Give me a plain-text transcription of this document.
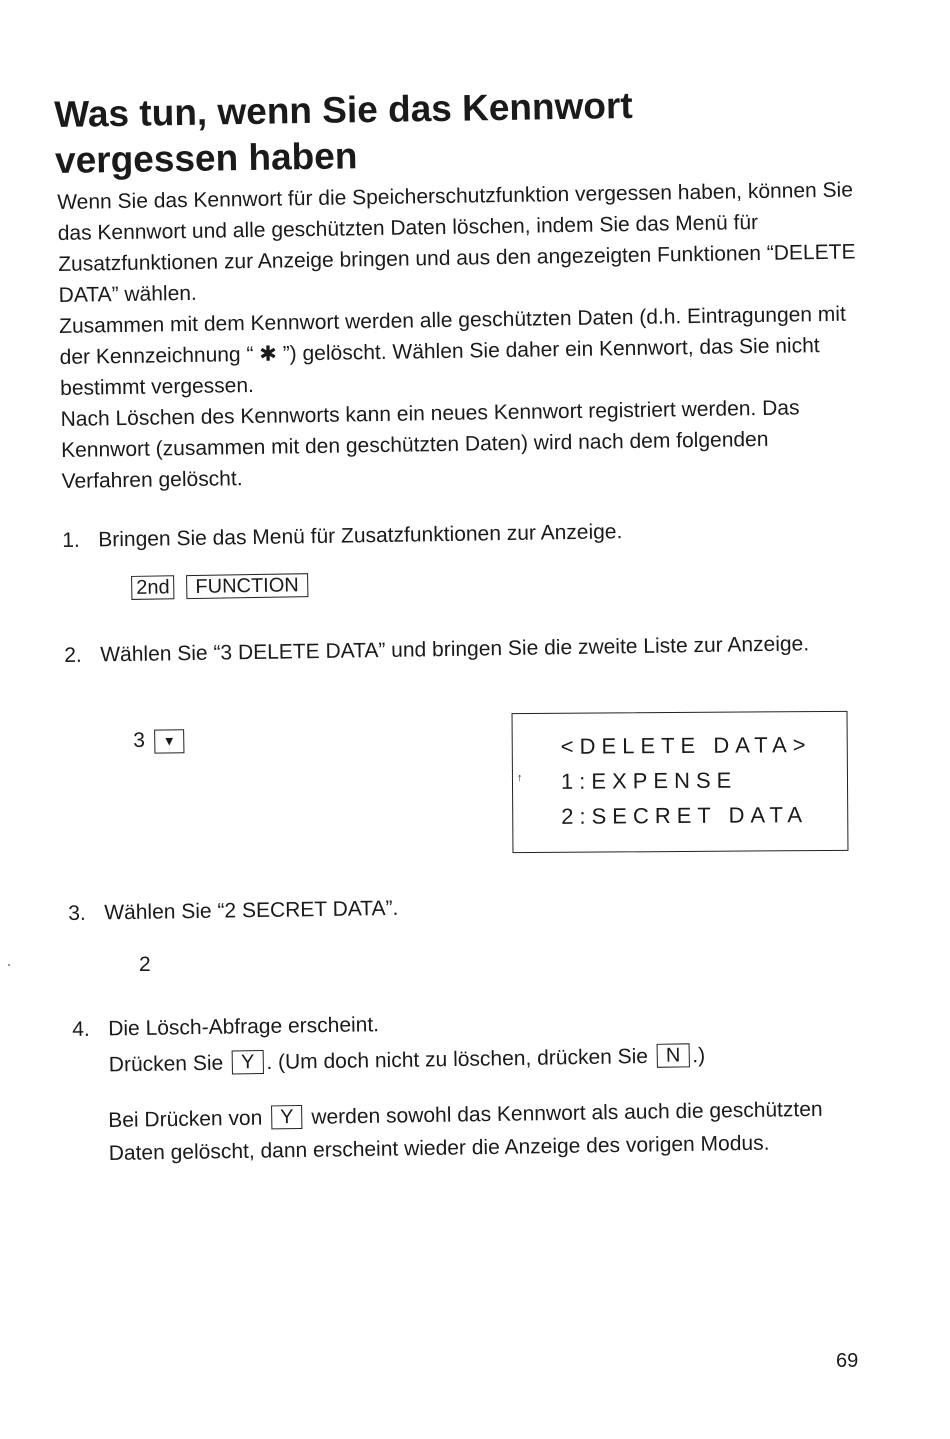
Was tun, wenn Sie das Kennwort vergessen haben

Wenn Sie das Kennwort für die Speicherschutzfunktion vergessen haben, können Sie das Kennwort und alle geschützten Daten löschen, indem Sie das Menü für Zusatzfunktionen zur Anzeige bringen und aus den angezeigten Funktionen “DELETE DATA” wählen.

Zusammen mit dem Kennwort werden alle geschützten Daten (d.h. Eintragungen mit der Kennzeichnung “ ✱ ”) gelöscht. Wählen Sie daher ein Kennwort, das Sie nicht bestimmt vergessen.

Nach Löschen des Kennworts kann ein neues Kennwort registriert werden. Das Kennwort (zusammen mit den geschützten Daten) wird nach dem folgenden Verfahren gelöscht.

1. Bringen Sie das Menü für Zusatzfunktionen zur Anzeige.
2nd FUNCTION
2. Wählen Sie “3 DELETE DATA” und bringen Sie die zweite Liste zur Anzeige.
3 ▼
↑
<DELETE DATA>
1:EXPENSE
2:SECRET DATA
3. Wählen Sie “2 SECRET DATA”.
2
4. Die Lösch-Abfrage erscheint.
Drücken Sie Y . (Um doch nicht zu löschen, drücken Sie N .)
Bei Drücken von Y werden sowohl das Kennwort als auch die geschützten Daten gelöscht, dann erscheint wieder die Anzeige des vorigen Modus.
69
